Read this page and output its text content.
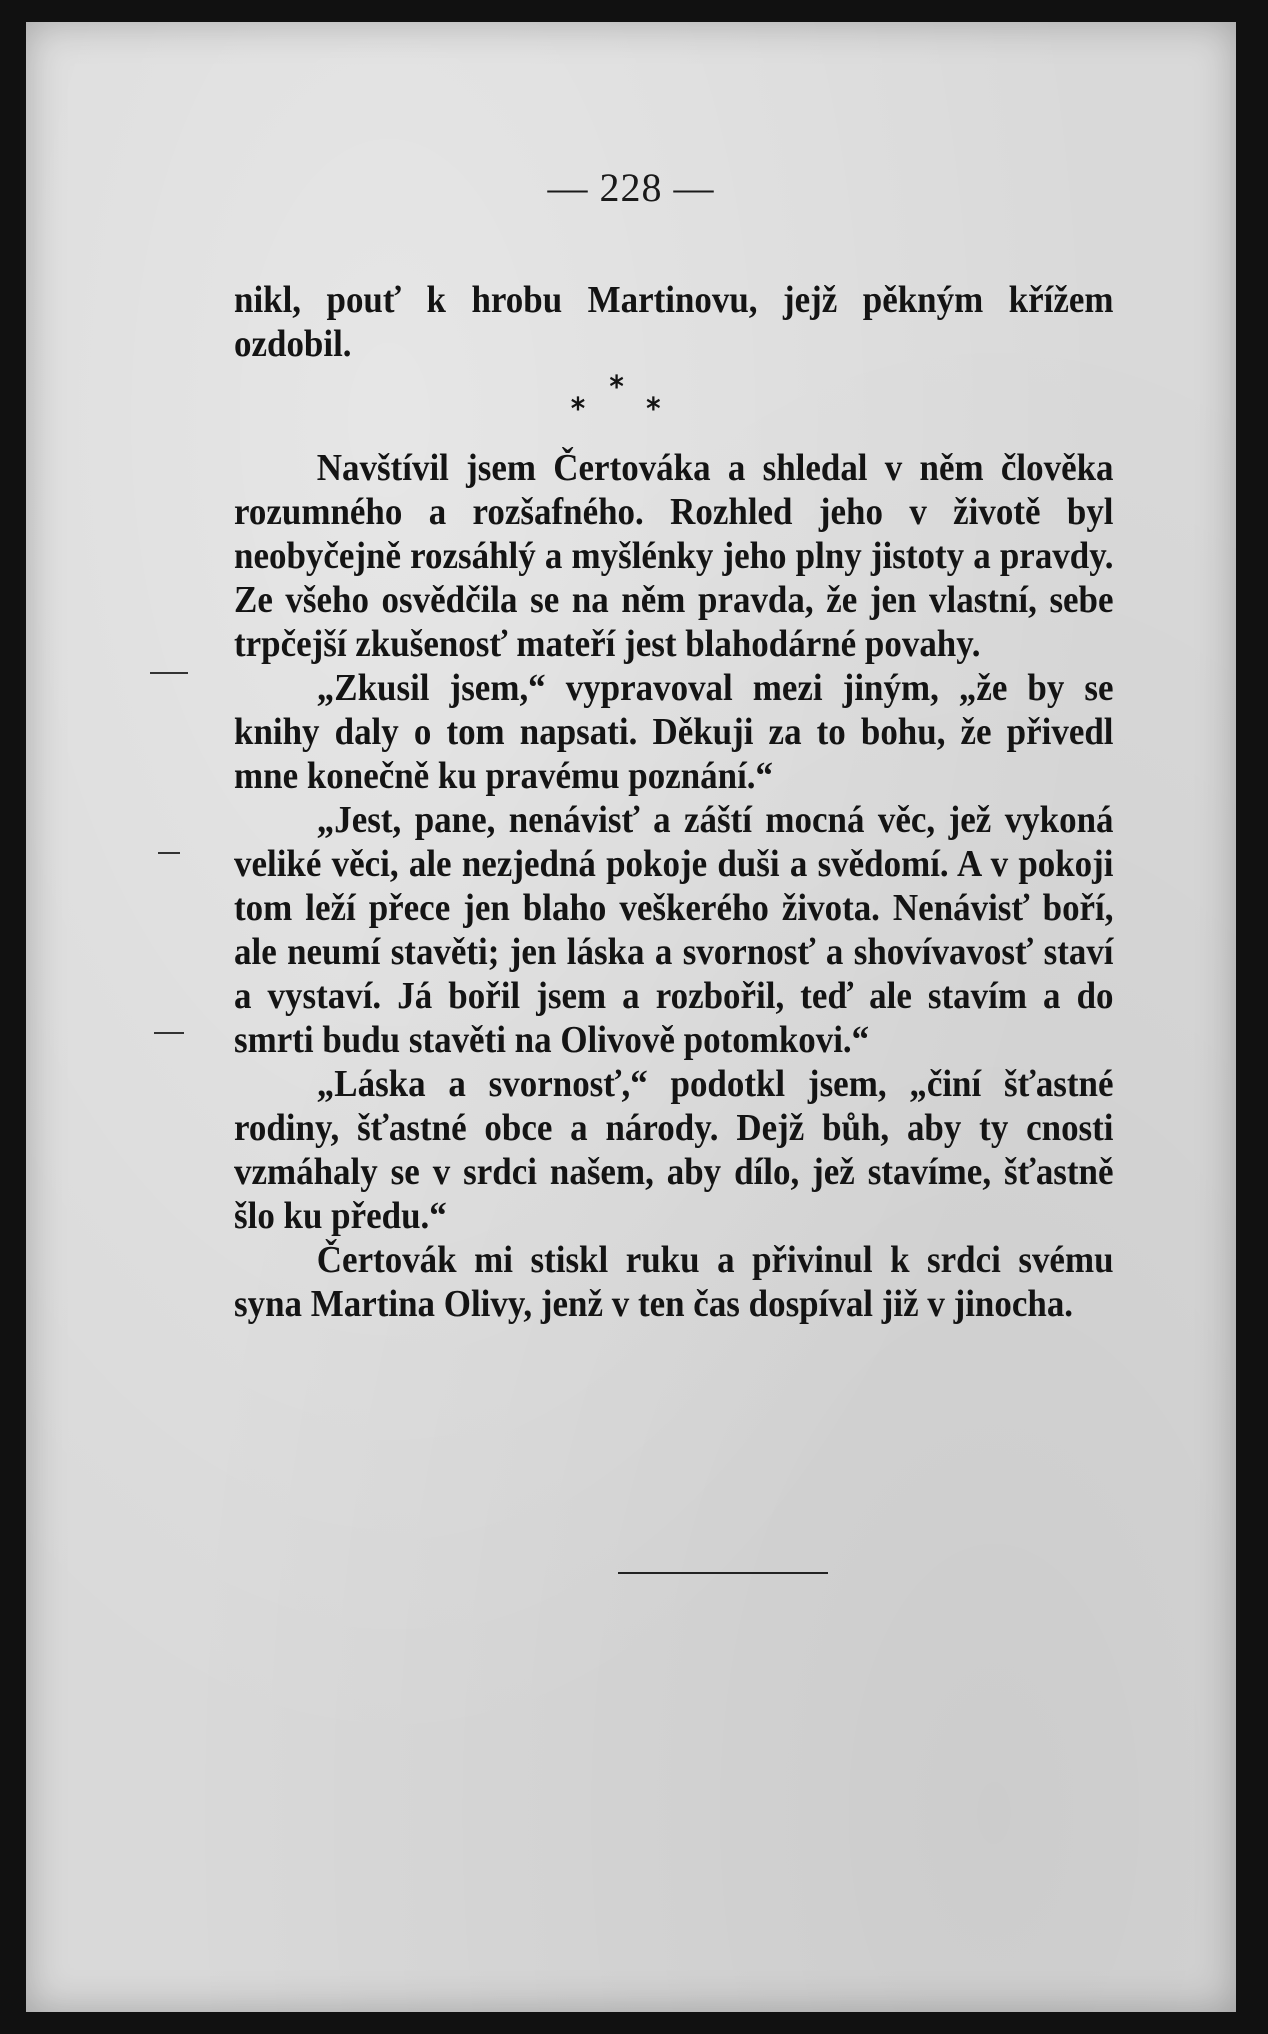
— 228 —

nikl, pouť k hrobu Martinovu, jejž pěkným křížem ozdobil.

*
* *

Navštívil jsem Čertováka a shledal v něm člověka rozumného a rozšafného. Rozhled jeho v životě byl neobyčejně rozsáhlý a myšlénky jeho plny jistoty a pravdy. Ze všeho osvědčila se na něm pravda, že jen vlastní, sebe trpčejší zkušenosť mateří jest blahodárné povahy.

„Zkusil jsem,“ vypravoval mezi jiným, „že by se knihy daly o tom napsati. Děkuji za to bohu, že přivedl mne konečně ku pravému poznání.“

„Jest, pane, nenávisť a záští mocná věc, jež vykoná veliké věci, ale nezjedná pokoje duši a svědomí. A v pokoji tom leží přece jen blaho veškerého života. Nenávisť boří, ale neumí stavěti; jen láska a svornosť a shovívavosť staví a vystaví. Já bořil jsem a rozbořil, teď ale stavím a do smrti budu stavěti na Olivově potomkovi.“

„Láska a svornosť,“ podotkl jsem, „činí šťastné rodiny, šťastné obce a národy. Dejž bůh, aby ty cnosti vzmáhaly se v srdci našem, aby dílo, jež stavíme, šťastně šlo ku předu.“

Čertovák mi stiskl ruku a přivinul k srdci svému syna Martina Olivy, jenž v ten čas dospíval již v jinocha.
